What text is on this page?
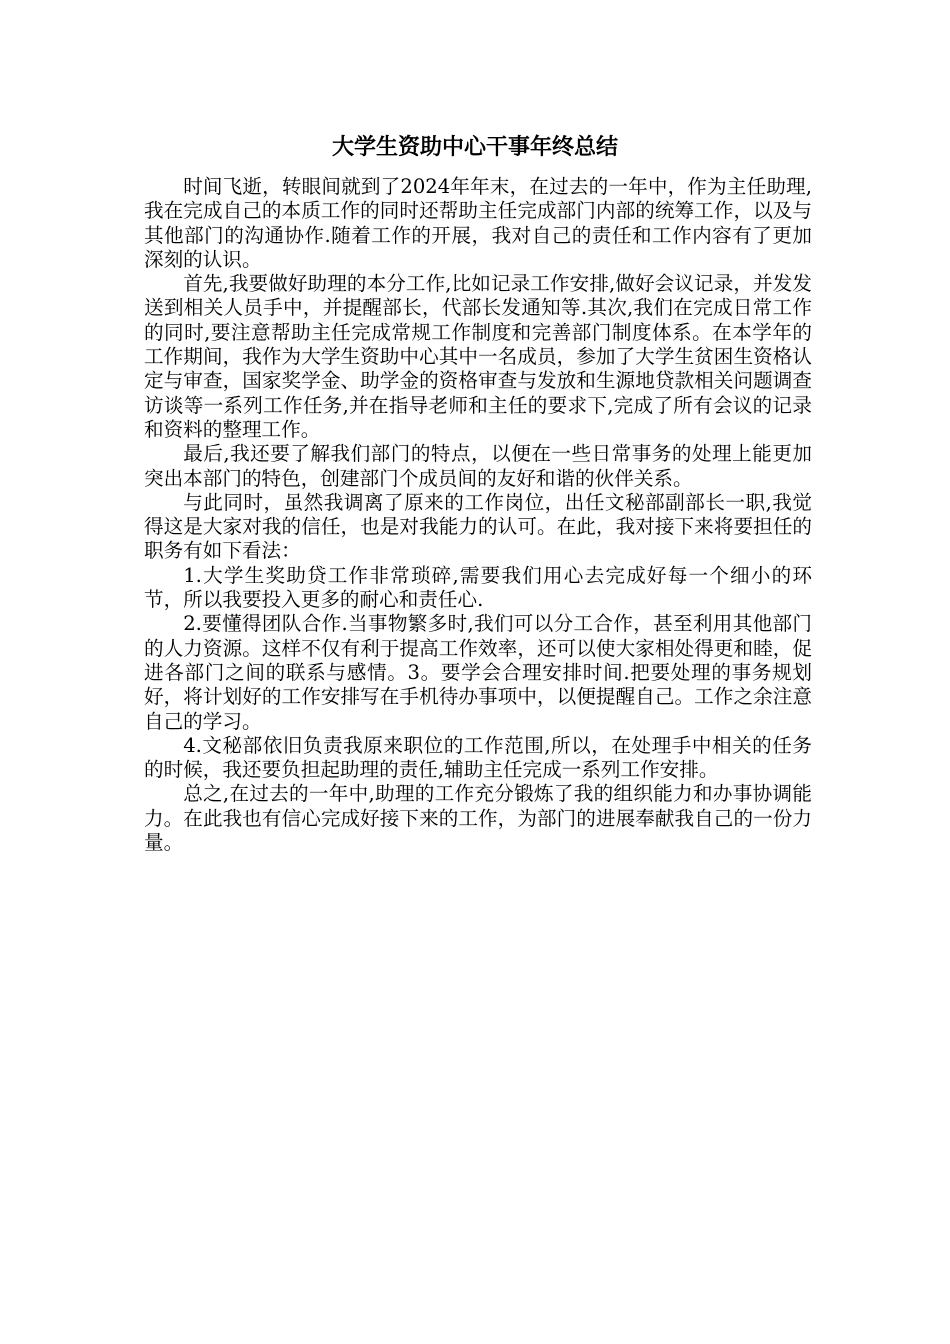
大学生资助中心干事年终总结

时间飞逝，转眼间就到了2024年年末，在过去的一年中，作为主任助理,我在完成自己的本质工作的同时还帮助主任完成部门内部的统筹工作，以及与其他部门的沟通协作.随着工作的开展，我对自己的责任和工作内容有了更加深刻的认识。

首先,我要做好助理的本分工作,比如记录工作安排,做好会议记录，并发发送到相关人员手中，并提醒部长，代部长发通知等.其次,我们在完成日常工作的同时,要注意帮助主任完成常规工作制度和完善部门制度体系。在本学年的工作期间，我作为大学生资助中心其中一名成员，参加了大学生贫困生资格认定与审查，国家奖学金、助学金的资格审查与发放和生源地贷款相关问题调查访谈等一系列工作任务,并在指导老师和主任的要求下,完成了所有会议的记录和资料的整理工作。

最后,我还要了解我们部门的特点，以便在一些日常事务的处理上能更加突出本部门的特色，创建部门个成员间的友好和谐的伙伴关系。

与此同时，虽然我调离了原来的工作岗位，出任文秘部副部长一职,我觉得这是大家对我的信任，也是对我能力的认可。在此，我对接下来将要担任的职务有如下看法：

1.大学生奖助贷工作非常琐碎,需要我们用心去完成好每一个细小的环节，所以我要投入更多的耐心和责任心.

2.要懂得团队合作.当事物繁多时,我们可以分工合作，甚至利用其他部门的人力资源。这样不仅有利于提高工作效率，还可以使大家相处得更和睦，促进各部门之间的联系与感情。3。要学会合理安排时间.把要处理的事务规划好，将计划好的工作安排写在手机待办事项中，以便提醒自己。工作之余注意自己的学习。

4.文秘部依旧负责我原来职位的工作范围,所以，在处理手中相关的任务的时候，我还要负担起助理的责任,辅助主任完成一系列工作安排。

总之,在过去的一年中,助理的工作充分锻炼了我的组织能力和办事协调能力。在此我也有信心完成好接下来的工作，为部门的进展奉献我自己的一份力量。
